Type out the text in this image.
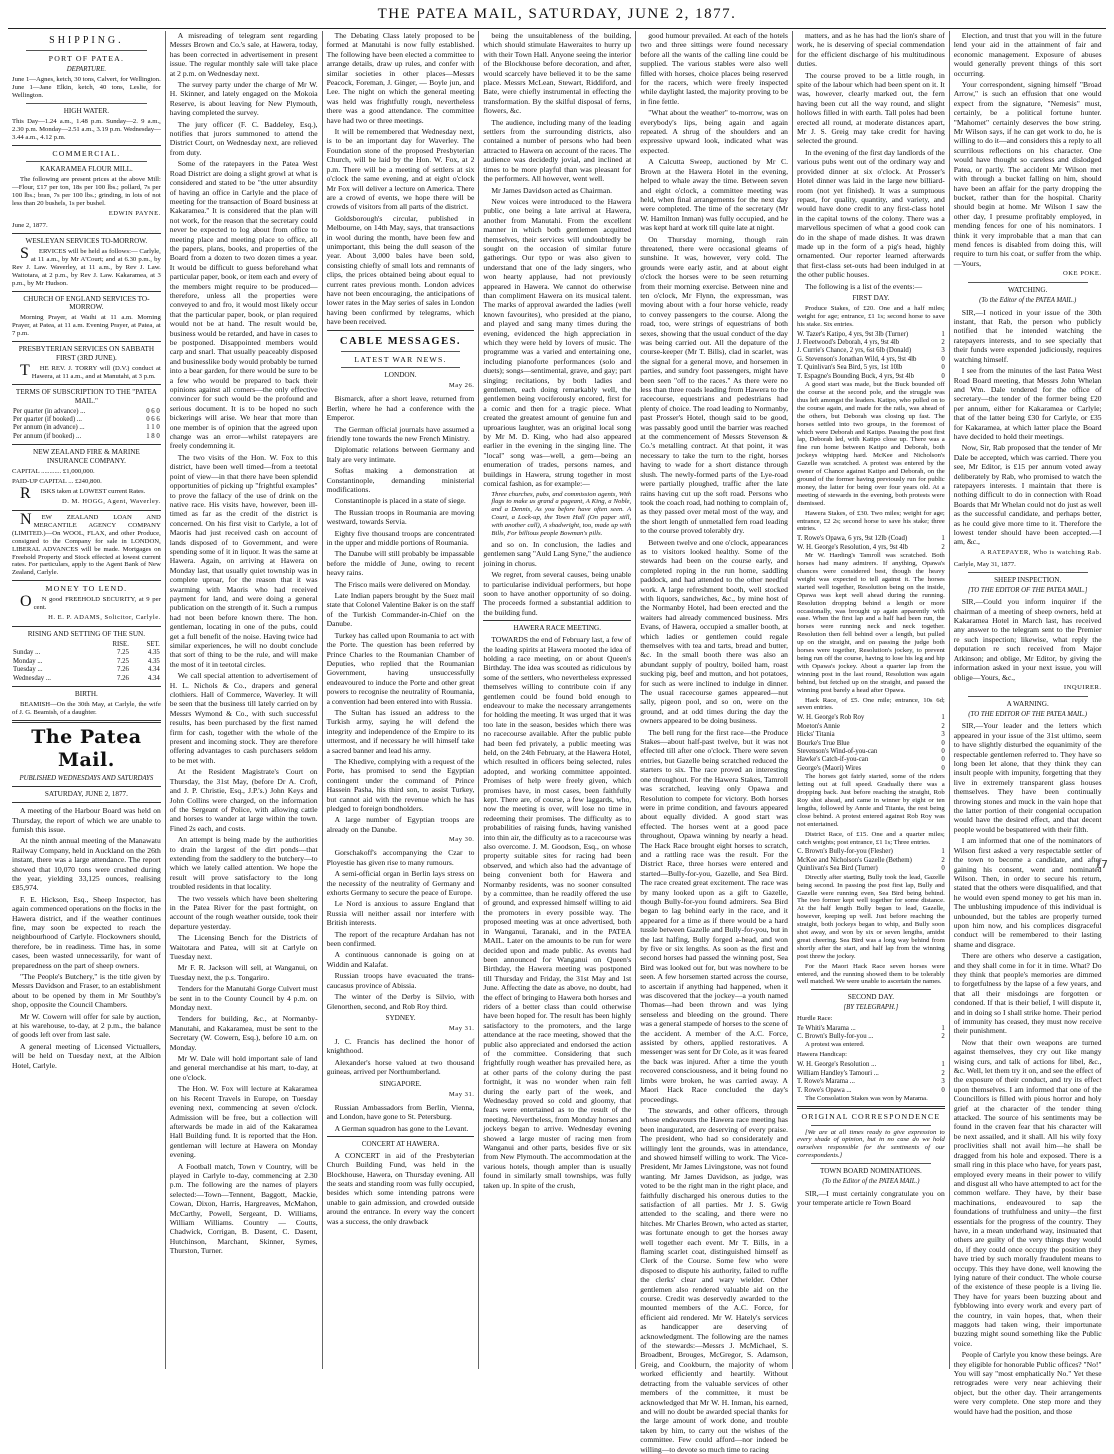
THE PATEA MAIL, SATURDAY, JUNE 2, 1877.
SHIPPING.
PORT OF PATEA.
DEPARTURE.

June 1—Agnes, ketch, 30 tons, Calvert, for Wellington. June 1—Jane Elkin, ketch, 40 tons, Leslie, for Wellington.

HIGH WATER.

This Day—1.24 a.m., 1.48 p.m. Sunday—2. 9 a.m., 2.30 p.m. Monday—2.51 a.m., 3.19 p.m. Wednesday—3.44 a.m., 4.12 p.m.

COMMERCIAL.
KAKARAMEA FLOUR MILL.

The following are present prices at the above Mill:—Flour, £17 per ton, 18s per 100 lbs.; pollard, 7s per 100 lbs.; bran, 7s per 100 lbs.; grinding, in lots of not less than 20 bushels, 1s per bushel.

EDWIN PAYNE.

June 2, 1877.

WESLEYAN SERVICES TO-MORROW.

SERVICES will be held as follows:— Carlyle, at 11 a.m., by Mr A'Court; and at 6.30 p.m., by Rev J. Law. Waverley, at 11 a.m., by Rev J. Law. Waitotara, at 2 p.m., by Rev J. Law. Kakaramea, at 3 p.m., by Mr Hudson.

CHURCH OF ENGLAND SERVICES TO-MORROW.

Morning Prayer, at Waihi at 11 a.m. Morning Prayer, at Patea, at 11 a.m. Evening Prayer, at Patea, at 7 p.m.

PRESBYTERIAN SERVICES ON SABBATH FIRST (3RD JUNE).

THE REV. J. TORRY will (D.V.) conduct at Hawera, at 11 a.m., and at Manutahi, at 3 p.m.

TERMS OF SUBSCRIPTION TO THE "PATEA MAIL."
Per quarter (in advance) ...	0 6 0
Per quarter (if booked) ...	0 6 6
Per annum (in advance) ...	1 1 0
Per annum (if booked) ...	1 8 0
NEW ZEALAND FIRE & MARINE INSURANCE COMPANY.

CAPITAL ............ £1,000,000.

PAID-UP CAPITAL ... £240,800.

RISKS taken at LOWEST current Rates.

D. M. HOGG, Agent, Waverley.

NEW ZEALAND LOAN AND MERCANTILE AGENCY COMPANY (LIMITED.)—On WOOL, FLAX, and other Produce, consigned to the Company for sale in LONDON, LIBERAL ADVANCES will be made. Mortgages on Freehold Property and Stock effected at lowest current rates. For particulars, apply to the Agent Bank of New Zealand, Carlyle.

MONEY TO LEND.

ON good FREEHOLD SECURITY, at 9 per cent.

H. E. P. ADAMS, Solicitor, Carlyle.
RISING AND SETTING OF THE SUN.
	RISE.	SET.
Sunday ...	7.25	4.35
Monday ...	7.25	4.35
Tuesday ...	7.26	4.34
Wednesday ...	7.26	4.34
BIRTH.

BEAMISH—On the 30th May, at Carlyle, the wife of J. G. Beamish, of a daughter.

The Patea Mail.
PUBLISHED WEDNESDAYS AND SATURDAYS
SATURDAY, JUNE 2, 1877.

A meeting of the Harbour Board was held on Thursday, the report of which we are unable to furnish this issue.

At the ninth annual meeting of the Manawatu Railway Company, held in Auckland on the 26th instant, there was a large attendance. The report showed that 10,070 tons were crushed during the year, yielding 33,125 ounces, realising £85,974.

F. E. Hickson, Esq., Sheep Inspector, has again commenced operations on the flocks in the Hawera district, and if the weather continues fine, may soon be expected to reach the neighbourhood of Carlyle. Flockowners should, therefore, be in readiness. Time has, in some cases, been wasted unnecessarily, for want of preparedness on the part of sheep owners.

"The People's Butchery," is the title given by Messrs Davidson and Fraser, to an establishment about to be opened by them in Mr Southby's shop, opposite the Council Chambers.

Mr W. Cowern will offer for sale by auction, at his warehouse, to-day, at 2 p.m., the balance of goods left over from last sale.

A general meeting of Licensed Victuallers, will be held on Tuesday next, at the Albion Hotel, Carlyle.

A misreading of telegram sent regarding Messrs Brown and Co.'s sale, at Hawera, today, has been corrected in advertisement in present issue. The regular monthly sale will take place at 2 p.m. on Wednesday next.

The survey party under the charge of Mr W. H. Skinner, and lately engaged on the Mokoia Reserve, is about leaving for New Plymouth, having completed the survey.

The jury officer (F. C. Baddeley, Esq.), notifies that jurors summoned to attend the District Court, on Wednesday next, are relieved from duty.

Some of the ratepayers in the Patea West Road District are doing a slight growl at what is considered and stated to be "the utter absurdity of having an office in Carlyle and the place of meeting for the transaction of Board business at Kakaramea." It is considered that the plan will not work, for the reason that the secretary could never be expected to log about from office to meeting place and meeting place to office, all the papers, plans, books, and properties of the Board from a dozen to two dozen times a year. It would be difficult to guess beforehand what particular paper, book, or item each and every of the members might require to be produced—therefore, unless all the properties were conveyed to and fro, it would most likely occur that the particular paper, book, or plan required would not be at hand. The result would be, business would be retarded, and have in cases to be postponed. Disappointed members would carp and snarl. That usually peaceably disposed and businesslike body would probably be turned into a bear garden, for there would be sure to be a few who would be prepared to back their opinions against all comers—the only effective convincer for such would be the profound and serious document. It is to be hoped no such bickerings will arise. We hear that more than one member is of opinion that the agreed upon change was an error—whilst ratepayers are freely condemning it.

The two visits of the Hon. W. Fox to this district, have been well timed—from a teetotal point of view—in that there have been splendid opportunities of picking up "frightful examples" to prove the fallacy of the use of drink on the native race. His visits have, however, been ill-timed as far as the credit of the district is concerned. On his first visit to Carlyle, a lot of Maoris had just received cash on account of lands disposed of to Government, and were spending some of it in liquor. It was the same at Hawera. Again, on arriving at Hawera on Monday last, that usually quiet township was in complete uproar, for the reason that it was swarming with Maoris who had received payment for land, and were doing a general publication on the strength of it. Such a rumpus had not been before known there. The hon. gentleman, locating in one of the pubs, could get a full benefit of the noise. Having twice had similar experiences, he will no doubt conclude that sort of thing to be the rule, and will make the most of it in teetotal circles.

We call special attention to advertisement of H. L. Nichols & Co., drapers and general clothiers. Hall of Commerce, Waverley. It will be seen that the business till lately carried on by Messrs Wymond & Co., with such successful results, has been purchased by the first named firm for cash, together with the whole of the present and incoming stock. They are therefore offering advantages to cash purchasers seldom to be met with.

At the Resident Magistrate's Court on Thursday, the 31st May, (before Dr A. Croft, and J. P. Christie, Esq., J.P.'s.) John Keys and John Collins were charged, on the information of the Sergeant of Police, with allowing cattle and horses to wander at large within the town. Fined 2s each, and costs.

An attempt is being made by the authorities to drain the largest of the dirt ponds—that extending from the saddlery to the butchery—to which we lately called attention. We hope the result will prove satisfactory to the long troubled residents in that locality.

The two vessels which have been sheltering in the Patea River for the past fortnight, on account of the rough weather outside, took their departure yesterday.

The Licensing Bench for the Districts of Waitotara and Patea, will sit at Carlyle on Tuesday next.

Mr F. R. Jackson will sell, at Wanganui, on Tuesday next, the p.s. Tongariro.

Tenders for the Manutahi Gorge Culvert must be sent in to the County Council by 4 p.m. on Monday next.

Tenders for building, &c., at Normanby-Manutahi, and Kakaramea, must be sent to the Secretary (W. Cowern, Esq.), before 10 a.m. on Monday.

Mr W. Dale will hold important sale of land and general merchandise at his mart, to-day, at one o'clock.

The Hon. W. Fox will lecture at Kakaramea on his Recent Travels in Europe, on Tuesday evening next, commencing at seven o'clock. Admission will be free, but a collection will afterwards be made in aid of the Kakaramea Hall Building fund. It is reported that the Hon. gentleman will lecture at Hawera on Monday evening.

A Football match, Town v Country, will be played in Carlyle to-day, commencing at 2.30 p.m. The following are the names of players selected:—Town—Tennent, Baggott, Mackie, Cowan, Dixon, Harris, Hargreaves, McMahon, McCarthy, Powell, Sergeant, D. Williams, William Williams. Country — Coutts, Chadwick, Corrigan, B. Dasent, C. Dasent, Hutchinson, Marchant, Skinner, Symes, Thurston, Turner.

The Debating Class lately proposed to be formed at Manutahi is now fully established. The following have been elected a committee to arrange details, draw up rules, and confer with similar societies in other places—Messrs Peacock, Foreman, J. Ginger, — Boyle jun, and Lee. The night on which the general meeting was held was frightfully rough, nevertheless there was a good attendance. The committee have had two or three meetings.

It will be remembered that Wednesday next, is to be an important day for Waverley. The Foundation stone of the proposed Presbyterian Church, will be laid by the Hon. W. Fox, at 2 p.m. There will be a meeting of settlers at six o'clock the same evening, and at eight o'clock Mr Fox will deliver a lecture on America. There are a crowd of events, we hope there will be crowds of visitors from all parts of the district.

Goldsborough's circular, published in Melbourne, on 14th May, says, that transactions in wool during the month, have been few and unimportant, this being the dull season of the year. About 3,000 bales have been sold, consisting chiefly of small lots and remnants of clips, the prices obtained being about equal to current rates previous month. London advices have not been encouraging, the anticipations of lower rates in the May series of sales in London having been confirmed by telegrams, which have been received.

CABLE MESSAGES.
LATEST WAR NEWS.
LONDON.
May 26.

Bismarck, after a short leave, returned from Berlin, where he had a conference with the Emperor.

The German official journals have assumed a friendly tone towards the new French Ministry.

Diplomatic relations between Germany and Italy are very intimate.

Softas making a demonstration at Constantinople, demanding ministerial modifications.

Constantinople is placed in a state of siege.

The Russian troops in Roumania are moving westward, towards Servia.

Eighty five thousand troops are concentrated in the upper and middle portions of Roumania.

The Danube will still probably be impassable before the middle of June, owing to recent heavy rains.

The Frisco mails were delivered on Monday.

Late Indian papers brought by the Suez mail state that Colonel Valentine Baker is on the staff of the Turkish Commander-in-Chief on the Danube.

Turkey has called upon Roumania to act with the Porte. The question has been referred by Prince Charles to the Roumanian Chamber of Deputies, who replied that the Roumanian Government, having unsuccessfully endeavoured to induce the Porte and other great powers to recognise the neutrality of Roumania, a convention had been entered into with Russia.

The Sultan has issued an address to the Turkish army, saying he will defend the integrity and independence of the Empire to its uttermost, and if necessary he will himself take a sacred banner and lead his army.

The Khedive, complying with a request of the Porte, has promised to send the Egyptian contingent under the command of Prince Hassein Pasha, his third son, to assist Turkey, but cannot aid with the revenue which he has pledged to foreign bondholders.

A large number of Egyptian troops are already on the Danube.

May 30.

Gorschakoff's accompanying the Czar to Ployestie has given rise to many rumours.

A semi-official organ in Berlin lays stress on the necessity of the neutrality of Germany and exhorts Germany to secure the peace of Europe.

Le Nord is anxious to assure England that Russia will neither assail nor interfere with British interests.

The report of the recapture Ardahan has not been confirmed.

A continuous cannonade is going on at Widdin and Kalafat.

Russian troops have evacuated the trans-caucasus province of Abissia.

The winter of the Derby is Silvio, with Glenorthen, second, and Rob Roy third.

SYDNEY.
May 31.

J. C. Francis has declined the honor of knighthood.

Alexander's horse valued at two thousand guineas, arrived per Northumberland.

SINGAPORE.
May 31.

Russian Ambassadors from Berlin, Vienna, and London, have gone to St. Petersburg.

A German squadron has gone to the Levant.

CONCERT AT HAWERA.

A CONCERT in aid of the Presbyterian Church Building Fund, was held in the Blockhouse, Hawera, on Thursday evening. All the seats and standing room was fully occupied, besides which some intending patrons were unable to gain admission, and crowded outside around the entrance. In every way the concert was a success, the only drawback

being the unsuitableness of the building, which should stimulate Haweraites to hurry up with their Town Hall. Anyone seeing the interior of the Blockhouse before decoration, and after, would scarcely have believed it to be the same place. Messrs McLean, Stewart, Riddiford, and Bate, were chiefly instrumental in effecting the transformation. By the skilful disposal of ferns, flowers, &c.

The audience, including many of the leading settlers from the surrounding districts, also contained a number of persons who had been attracted to Hawera on account of the races. The audience was decidedly jovial, and inclined at times to be more playful than was pleasant for the performers. All however, went well.

Mr James Davidson acted as Chairman.

New voices were introduced to the Hawera public, one being a late arrival at Hawera, another from Manutahi. From the excellent manner in which both gentlemen acquitted themselves, their services will undoubtedly be sought on the occasion of similar future gatherings. Our typo or was also given to understand that one of the lady singers, who won hearty applause, had not previously appeared in Hawera. We cannot do otherwise than compliment Hawera on its musical talent. The marks of approval awarded the ladies (well known favourites), who presided at the piano, and played and sang many times during the evening, evidenced the high appreciation in which they were held by lovers of music. The programme was a varied and entertaining one, including pianoforte performances (solo and duets); songs—sentimental, grave, and gay; part singing; recitations, by both ladies and gentlemen, each doing remarkably well, the gentlemen being vociferously encored, first for a comic and then for a tragic piece. What created the greatest amount of genuine fun and uproarious laughter, was an original local song by Mr M. D. King, who had also appeared earlier in the evening in the singing line. The "local" song was—well, a gem—being an enumeration of trades, persons names, and buildings in Hawera, strung together in most comical fashion, as for example:—

Three churches, pubs, and commission agents, With flags to make us grand a pageant, A King, a Noble, and a Dennis, As you before have often seen. A Court, a Lock-up, the Town Hall (On paper still, with another call), A shadwright, too, made up with Bills, For billious people Bowman's pills.

and so on. In conclusion, the ladies and gentlemen sang "Auld Lang Syne," the audience joining in chorus.

We regret, from several causes, being unable to particularise individual performers, but hope soon to have another opportunity of so doing. The proceeds formed a substantial addition to the building fund.

HAWERA RACE MEETING.

TOWARDS the end of February last, a few of the leading spirits at Hawera mooted the idea of holding a race meeting, on or about Queen's Birthday. The idea was scouted as ridiculous by some of the settlers, who nevertheless expressed themselves willing to contribute coin if any gentlemen could be found bold enough to endeavour to make the necessary arrangements for holding the meeting. It was urged that it was too late in the season, besides which there was no racecourse available. After the public puble had been fed privately, a public meeting was held, on the 24th February, at the Hawera Hotel, which resulted in officers being selected, rules adopted, and working committee appointed. Promises of help were freely given, which promises have, in most cases, been faithfully kept. There are, of course, a few laggards, who, now the meeting is over, will lose no time in redeeming their promises. The difficulty as to probabilities of raising funds, having vanished into thin air, the difficulty as to a racecourse was also overcome. J. M. Goodson, Esq., on whose property suitable sites for racing had been observed, and which also had the advantage of being convenient both for Hawera and Normanby residents, was no sooner consulted by a committee, than he readily offered the use of ground, and expressed himself willing to aid the promoters in every possible way. The proposed meeting was at once advertised, both in Wanganui, Taranaki, and in the PATEA MAIL. Later on the amounts to be run for were decided upon and made public. As events had been announced for Wanganui on Queen's Birthday, the Hawera meeting was postponed till Thursday and Friday, the 31st May and 1st June. Affecting the date as above, no doubt, had the effect of bringing to Hawera both horses and riders of a better class than could otherwise have been hoped for. The result has been highly satisfactory to the promoters, and the large attendance at the race meeting, showed that the public also appreciated and endorsed the action of the committee. Considering that such frightfully rough weather has prevailed here, as at other parts of the colony during the past fortnight, it was no wonder when rain fell during the early part of the week, and Wednesday proved so cold and gloomy, that fears were entertained as to the result of the meeting. Nevertheless, from Monday horses and jockeys began to arrive. Wednesday evening showed a large muster of racing men from Wanganui and other parts, besides five or six from New Plymouth. The accommodation at the various hotels, though ampler than is usually found in similarly small townships, was fully taken up. In spite of the crush,

good humour prevailed. At each of the hotels two and three sittings were found necessary before all the wants of the calling line could be supplied. The various stables were also well filled with horses, choice places being reserved for the racers, which were freely inspected while daylight lasted, the majority proving to be in fine fettle.

"What about the weather" to-morrow, was on everybody's lips, being again and again repeated. A shrug of the shoulders and an expressive upward look, indicated what was expected.

A Calcutta Sweep, auctioned by Mr C. Brown at the Hawera Hotel in the evening, helped to whale away the time. Between seven and eight o'clock, a committee meeting was held, when final arrangements for the next day were completed. The time of the secretary (Mr W. Hamilton Inman) was fully occupied, and he was kept hard at work till quite late at night.

On Thursday morning, though rain threatened, there were occasional gleams of sunshine. It was, however, very cold. The grounds were early astir, and at about eight o'clock the horses were to be seen returning from their morning exercise. Between nine and ten o'clock, Mr Flynn, the expressman, was moving about with a four horse vehicle, ready to convey passengers to the course. Along the road, too, were strings of equestrians of both sexes, showing that the usual conduct of the day was being carried out. All the depature of the course-keeper (Mr T. Bills), clad in scarlet, was the signal for a general move, and horsemen in parties, and sundry foot passengers, might have been seen "off to the races." As there were no less than three roads leading from Hawera to the racecourse, equestrians and pedestrians had plenty of choice. The road leading to Normanby, past Prosser's Hotel, though said to be good, was passably good until the barrier was reached at the commencement of Messrs Stevenson & Co.'s metalling contract. At that point, it was necessary to take the turn to the right, horses having to wade for a short distance through slush. The newly-formed parts of the Lye-road were partially ploughed, traffic after the late rains having cut up the soft road. Persons who took the coach road, had nothing to complain of, as they passed over metal most of the way, and the short length of unmetalled fern road leading to the course proved tolerably dry.

Between twelve and one o'clock, appearances as to visitors looked healthy. Some of the stewards had been on the course early, and completed roping in the run home, saddling paddock, and had attended to the other needful work. A large refreshment booth, well stocked with liquors, sandwiches, &c., by mine host of the Normanby Hotel, had been erected and the waiters had already commenced business. Mrs Evans, of Hawera, occupied a smaller booth, at which ladies or gentlemen could regale themselves with tea and tarts, bread and butter, &c. In the small booth there was also an abundant supply of poultry, boiled ham, roast sucking pig, beef and mutton, and hot potatoes, for such as were inclined to indulge in dinner. The usual racecourse games appeared—nut sally, pigeon pool, and so on, were on the ground, and at odd times during the day the owners appeared to be doing business.

The bell rung for the first race—the Produce Stakes—about half-past twelve, but it was not effected till after one o'clock. There were seven entries, but Gazelle being scratched reduced the starters to six. The race proved an interesting one throughout. For the Hawera Stakes, Tamroll was scratched, leaving only Opawa and Resolution to compete for victory. Both horses were in prime condition, and favours appeared about equally divided. A good start was effected. The horses went at a good pace throughout, Opawa winning by nearly a head. The Hack Race brought eight horses to scratch, and a rattling race was the result. For the District Race, three horses were entered and started—Bully-for-you, Gazelle, and Sea Bird. The race created great excitement. The race was by many looked upon as a gift to Gazelle, though Bully-for-you found admirers. Sea Bird began to lag behind early in the race, and it appeared for a time as if there would be a hard tussle between Gazelle and Bully-for-you, but in the last halfing, Bully forged a-head, and won by five or six lengths. As soon as the first and second horses had passed the winning post, Sea Bird was looked out for, but was nowhere to be seen. A few horsemen started across the course, to ascertain if anything had happened, when it was discovered that the jockey—a youth named Thomas—had been thrown and was lying senseless and bleeding on the ground. There was a general stampede of horses to the scene of the accident. A member of the A.C. Force, assisted by others, applied restoratives. A messenger was sent for Dr Cole, as it was feared the back was injured. After a time the youth recovered consciousness, and it being found no limbs were broken, he was carried away. A Maori Hack Race concluded the day's proceedings.

The stewards, and other officers, through whose endeavours the Hawera race meeting has been inaugurated, are deserving of every praise. The president, who had so considerately and willingly lent the grounds, was in attendance, and showed himself willing to work. The Vice-President, Mr James Livingstone, was not found wanting. Mr James Davidson, as judge, was voted to be the right man in the right place, and faithfully discharged his onerous duties to the satisfaction of all parties. Mr J. S. Gwig attended to the scaling, and there were no hitches. Mr Charles Brown, who acted as starter, was fortunate enough to get the horses away well together each event. Mr T. Bills, in a flaming scarlet coat, distinguished himself as Clerk of the Course. Some few who were disposed to dispute his authority, failed to ruffle the clerks' clear and wary wielder. Other gentlemen also rendered valuable aid on the course. Credit was deservedly awarded to the mounted members of the A.C. Force, for efficient aid rendered. Mr W. Hately's services as handicapper are deserving of acknowledgment. The following are the names of the stewards:—Messrs J. McMichael, S. Broadbent, Brouges, McGregor, S. Adamson, Greig, and Cookburn, the majority of whom worked efficiently and heartily. Without detracting from the valuable services of other members of the committee, it must be acknowledged that Mr W. H. Inman, his earned, and will no doubt be awarded special thanks for the large amount of work done, and trouble taken by him, to carry out the wishes of the committee. Few could afford—nor indeed be willing—to devote so much time to racing

matters, and as he has had the lion's share of work, he is deserving of special commendation for the efficient discharge of his multitudinous duties.

The course proved to be a little rough, in spite of the labour which had been spent on it. It was, however, clearly marked out, the fern having been cut all the way round, and slight hollows filled in with earth. Tall poles had been erected all round, at moderate distances apart, Mr J. S. Greig may take credit for having selected the ground.

In the evening of the first day landlords of the various pubs went out of the ordinary way and provided dinner at six o'clock. At Prosser's Hotel dinner was laid in the large new billiard-room (not yet finished). It was a sumptuous repast, for quality, quantity, and variety, and would have done credit to any first-class hotel in the capital towns of the colony. There was a marvellous specimen of what a good cook can do in the shape of made dishes. It was drawn made up in the form of a pig's head, highly ornamented. Our reporter learned afterwards that first-class set-outs had been indulged in at the other public houses.

The following is a list of the events:—

FIRST DAY.

Produce Stakes, of £20. One and a half miles; weight for age; entrance, £1 1s; second horse to save his stake. Six entries.

W. Tazer's Katipo, 4 yrs, 9st 3lb (Turner)	1
J. Fleetwood's Deborah, 4 yrs, 9st 4lb	2
J. Currie's Chance, 2 yrs, 6st 6lb (Donald)	3
G. Stevenson's Jonathan Wild, 4 yrs, 9st 4lb	0
T. Quinlivan's Sea Bird, 5 yrs, 1st 10lb	0
T. Espagne's Bounding Buck, 4 yrs, 9st 4lb	0

A good start was made, but the Buck bounded off the course at the second pole, and the struggle was thus left amongst the leaders. Katipo, who pulled on to the course again, and made for the rails, was ahead of the others, but Deborah was closing up fast. The horses settled into two groups, in the foremost of which were Deborah and Katipo. Passing the post first lap, Deborah led, with Katipo close up. There was a fine run home between Katipo and Deborah, both jockeys whipping hard. McKee and Nicholson's Gazelle was scratched. A protest was entered by the owner of Chance against Katipo and Deborah, on the ground of the former having previously run for public money, the latter for being over four years old. At a meeting of stewards in the evening, both protests were dismissed.

Hawera Stakes, of £30. Two miles; weight for age; entrance, £2 2s; second horse to save his stake; three entries.

T. Rowe's Opawa, 6 yrs, 9st 12lb (Coad)	1
W. H. George's Resolution, 4 yrs, 9st 4lb	2

Mr W. Harding's Tamroll was scratched. Both horses had many admirers. If anything, Opawa's chances were considered best, though the heavy weight was expected to tell against it. The horses started well together, Resolution being on the inside, Opawa was kept well ahead during the running. Resolution dropping behind a length or more occasionally, was brought up again apparently with ease. When the first lap and a half had been run, the horses were running neck and neck together. Resolution then fell behind over a length, but pulled up on the straight, and on passing the judge both horses were together, Resolution's jockey, to prevent being run off the course, having to lose his leg and hip with Opawa's jockey. About a quarter lap from the winning post in the last round, Resolution was again behind, but fetched up on the straight, and passed the winning post barely a head after Opawa.

Hack Race, of £5. One mile; entrance, 10s 6d; seven entries.

W. H. George's Rob Roy	1
Moeton's Annie	2
Hicks' Titania	3
Bourke's True Blue	0
Stevenson's Wind-of-you-can	0
Hawke's Catch-if-you-can	0
George's (Maori) Wires	0

The horses got fairly started, some of the riders letting out at full speed. Gradually there was a dropping back. Just before reaching the straight, Rob Roy shot ahead, and came in winner by eight or ten lengths, followed by Annie and Titania, the rest being close behind. A protest entered against Rob Roy was not entertained.

District Race, of £15. One and a quarter miles; catch weights; post entrance, £1 1s; Three entries.

C. Brown's Bully-for-you (Flesher)	1
McKee and Nicholson's Gazelle (Bethem)	2
Quinlivan's Sea Bird (Turner)	0

Directly after starting, Bully took the lead, Gazelle being second. In passing the post first lap, Bully and Gazelle were running even, Sea Bird being behind. The two former kept well together for some distance. At the half length Bully began to lead, Gazelle, however, keeping up well. Just before reaching the straight, both jockeys began to whip, and Bully soon shot away, and won by six or seven lengths, amidst great cheering. Sea Bird was a long way behind from shortly after the start, and half lap from the winning post threw the jockey.

For the Maori Hack Race seven horses were entered, and the running showed them to be tolerably well matched. We were unable to ascertain the names.

SECOND DAY.
[BY TELEGRAPH.]

Hurdle Race:

Te Whiti's Marama ...	1
C. Brown's Bully-for-you ...	2

A protest was entered.

Hawera Handicap:

W. H. George's Resolution ...	1
William Handley's Tamouri ...	2
T. Rowe's Marama ...	3
T. Rowe's Opawa ...	0

The Consolation Stakes was won by Marama.

ORIGINAL CORRESPONDENCE

[We are at all times ready to give expression to every shade of opinion, but in no case do we hold ourselves responsible for the sentiments of our correspondents.]

TOWN BOARD NOMINATIONS.
(To the Editor of the PATEA MAIL.)

SIR,—I must certainly congratulate you on your temperate article re Town Board

Election, and trust that you will in the future lend your aid in the attainment of fair and economic management. Exposure of abuses would generally prevent things of this sort occurring.

Your correspondent, signing himself "Broad Arrow," is such an effusion that one would expect from the signature, "Nemesis" must, certainly, be a political fortune hunter. "Mahomet" certainly deserves the bow string. Mr Wilson says, if he can get work to do, he is willing to do it—and considers this a reply to all scurrilous reflections on his character. One would have thought so careless and dislodged Patea, or partly. The accident Mr Wilson met with through a bucket falling on him, should have been an affair for the party dropping the bucket, rather than for the hospital. Charity should begin at home. Mr Wilson I saw the other day, I presume profitably employed, in mending fences for one of his nominators. I think it very improbable that a man that can mend fences is disabled from doing this, will require to turn his coat, or suffer from the whip.—Yours,

OKE POKE.
WATCHING.
(To the Editor of the PATEA MAIL.)

SIR,—I noticed in your issue of the 30th instant, that Rab, the person who publicly notified that he intended watching the ratepayers interests, and to see specially that their funds were expended judiciously, requires watching himself.

I see from the minutes of the last Patea West Road Board meeting, that Messrs John Whelan and Wm. Dale tendered for the office of secretary—the tender of the former being £20 per annum, either for Kakaramea or Carlyle; that of the latter being £30 for Carlyle, or £35 for Kakaramea, at which latter place the Board have decided to hold their meetings.

Now, Sir, Rab proposed that the tender of Mr Dale be accepted, which was carried. There you see, Mr Editor, is £15 per annum voted away deliberately by Rab, who promised to watch the ratepayers interests. I maintain that there is nothing difficult to do in connection with Road Boards that Mr Whelan could not do just as well as the successful candidate, and perhaps better, as he could give more time to it. Therefore the lowest tender should have been accepted.—I am, &c.,

A RATEPAYER, Who is watching Rab.

Carlyle, May 31, 1877.

SHEEP INSPECTION.
[TO THE EDITOR OF THE PATEA MAIL.]

SIR,—Could you inform inquirer if the chairman of a meeting of sheep owners, held at Kakaramea Hotel in March last, has received any answer to the telegram sent to the Premier re such inspection; likewise, what reply the deputation re such received from Major Atkinson; and oblige, Mr Editor, by giving the information asked in your next issue, you will oblige—Yours, &c.,

INQUIRER.
A WARNING.
(TO THE EDITOR OF THE PATEA MAIL.)

SIR,—Your leader and the letters which appeared in your issue of the 31st ultimo, seem to have slightly disturbed the equanimity of the respectable gentlemen referred to. They have so long been let alone, that they think they can insult people with impunity, forgetting that they live in extremely transparent glass houses themselves. They have been continually throwing stones and muck in the vain hope that the latter portion of their congenial occupation would have the desired effect, and that decent people would be bespattered with their filth.

I am informed that one of the nominators of Wilson first asked a very respectable settler of the town to become a candidate, and after gaining his consent, went and nominated Wilson. Then, in order to secure his return, stated that the others were disqualified, and that he would even spend money to get his man in. The unblushing impudence of this individual is unbounded, but the tables are properly turned upon him now, and his complices disgraceful conduct will be remembered to their lasting shame and disgrace.

There are others who deserve a castigation, and they shall come in for it in time. What? Do they think that people's memories are dimmed to forgetfulness by the lapse of a few years, and that all their misdoings are forgotten or condoned. If that is their belief, I will dispute it, and in doing so I shall strike home. Their period of immunity has ceased, they must now receive their punishment.

Now that their own weapons are turned against themselves, they cry out like mangy wising curs, and talk of actions for libel, &c., &c. Well, let them try it on, and see the effect of the exposure of their conduct, and try its effect upon themselves. I am informed that one of the Councillors is filled with pious horror and holy grief at the character of the tender thing attacked. The source of his sentiments may be found in the craven fear that his character will be next assailed, and it shall. All his wily foxy proclivities shall not avail him—he shall be dragged from his hole and exposed. There is a small ring in this place who have, for years past, employed every means in their power to vilify and disgust all who have attempted to act for the common welfare. They have, by their base machinations, endeavoured to sap the foundations of truthfulness and unity—the first essentials for the progress of the country. They have, in a mean underhand way, insinuated that others are guilty of the very things they would do, if they could once occupy the position they have tried by such morally fraudulent means to occupy. This they have done, well knowing the lying nature of their conduct. The whole course of the existence of these people is a living lie. They have for years been buzzing about and fybblowing into every work and every part of the country, in vain hopes, that, when their maggots had taken wing, their importunate buzzing might sound something like the Public voice.

People of Carlyle you know these beings. Are they eligible for honorable Public offices? "No!" You will say "most emphatically No." Yet these retrogrades were very near achieving their object, but the other day. Their arrangements were very complete. One step more and they would have had the position, and those

ℓ7
